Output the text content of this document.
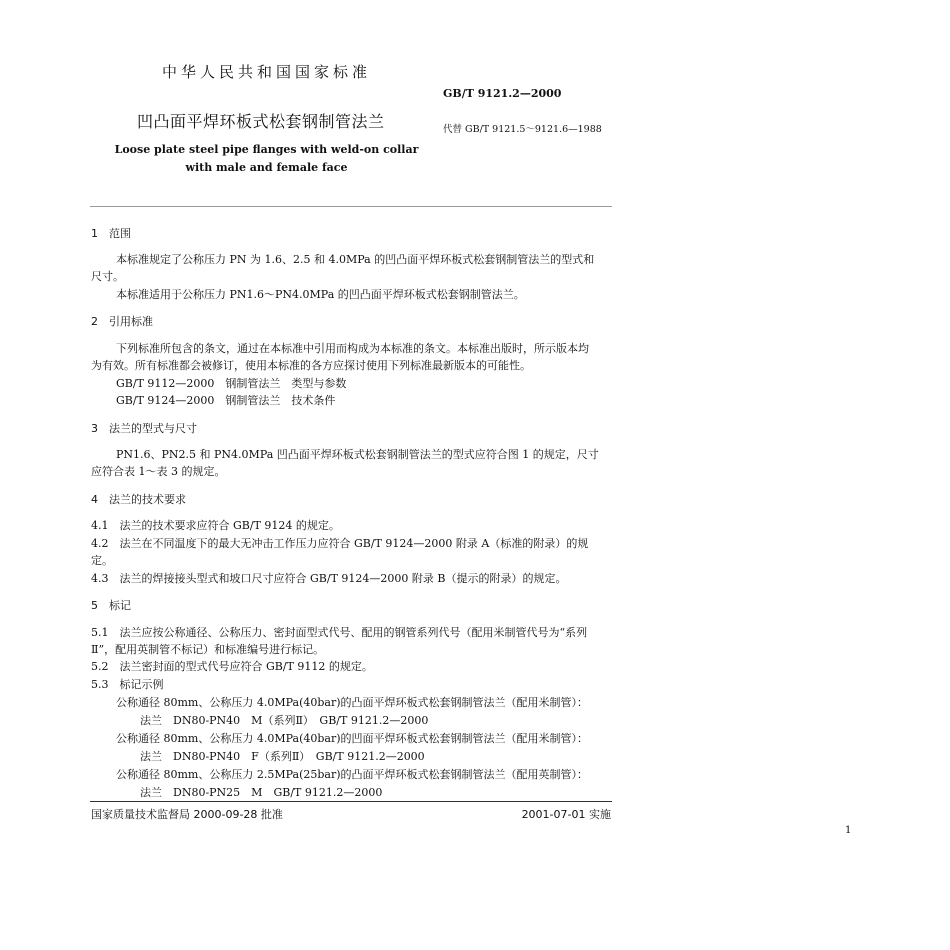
中华人民共和国国家标准
GB/T 9121.2—2000
凹凸面平焊环板式松套钢制管法兰	代替 GB/T 9121.5～9121.6—1988
Loose plate steel pipe flanges with weld-on collar
with male and female face
1　范围
本标准规定了公称压力 PN 为 1.6、2.5 和 4.0MPa 的凹凸面平焊环板式松套钢制管法兰的型式和
尺寸。
本标准适用于公称压力 PN1.6～PN4.0MPa 的凹凸面平焊环板式松套钢制管法兰。
2　引用标准
下列标准所包含的条文，通过在本标准中引用而构成为本标准的条文。本标准出版时，所示版本均
为有效。所有标准都会被修订，使用本标准的各方应探讨使用下列标准最新版本的可能性。
GB/T 9112—2000　钢制管法兰　类型与参数
GB/T 9124—2000　钢制管法兰　技术条件
3　法兰的型式与尺寸
PN1.6、PN2.5 和 PN4.0MPa 凹凸面平焊环板式松套钢制管法兰的型式应符合图 1 的规定，尺寸
应符合表 1～表 3 的规定。
4　法兰的技术要求
4.1　法兰的技术要求应符合 GB/T 9124 的规定。
4.2　法兰在不同温度下的最大无冲击工作压力应符合 GB/T 9124—2000 附录 A（标准的附录）的规
定。
4.3　法兰的焊接接头型式和坡口尺寸应符合 GB/T 9124—2000 附录 B（提示的附录）的规定。
5　标记
5.1　法兰应按公称通径、公称压力、密封面型式代号、配用的钢管系列代号（配用米制管代号为“系列
Ⅱ”，配用英制管不标记）和标准编号进行标记。
5.2　法兰密封面的型式代号应符合 GB/T 9112 的规定。
5.3　标记示例
公称通径 80mm、公称压力 4.0MPa(40bar)的凸面平焊环板式松套钢制管法兰（配用米制管）：
法兰　DN80-PN40　M（系列Ⅱ）　GB/T 9121.2—2000
公称通径 80mm、公称压力 4.0MPa(40bar)的凹面平焊环板式松套钢制管法兰（配用米制管）：
法兰　DN80-PN40　F（系列Ⅱ）　GB/T 9121.2—2000
公称通径 80mm、公称压力 2.5MPa(25bar)的凸面平焊环板式松套钢制管法兰（配用英制管）：
法兰　DN80-PN25　M　GB/T 9121.2—2000
国家质量技术监督局 2000-09-28 批准	2001-07-01 实施
1
